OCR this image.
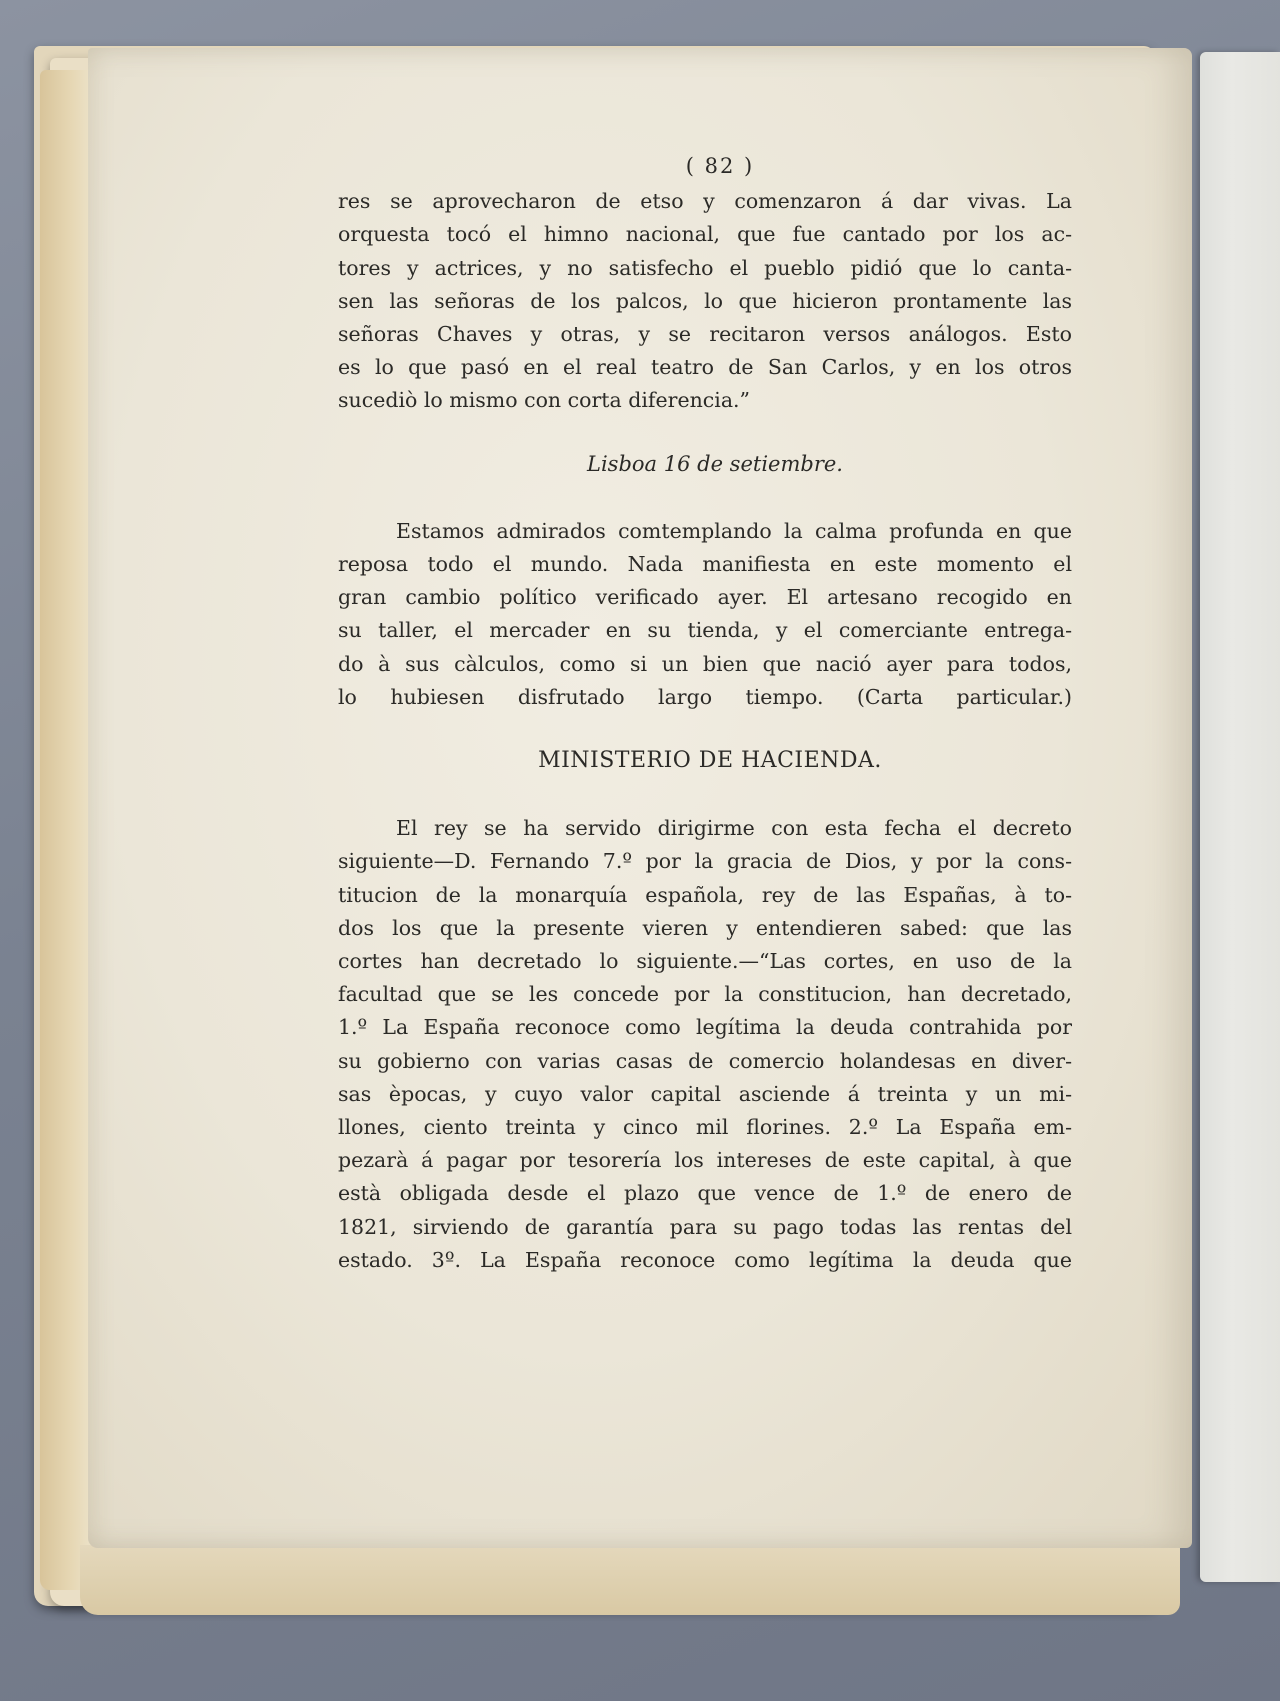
( 82 )
res se aprovecharon de etso y comenzaron á dar vivas. La
orquesta tocó el himno nacional, que fue cantado por los ac-
tores y actrices, y no satisfecho el pueblo pidió que lo canta-
sen las señoras de los palcos, lo que hicieron prontamente las
señoras Chaves y otras, y se recitaron versos análogos. Esto
es lo que pasó en el real teatro de San Carlos, y en los otros
sucediò lo mismo con corta diferencia.”
Lisboa 16 de setiembre.
Estamos admirados comtemplando la calma profunda en que
reposa todo el mundo. Nada manifiesta en este momento el
gran cambio político verificado ayer. El artesano recogido en
su taller, el mercader en su tienda, y el comerciante entrega-
do à sus càlculos, como si un bien que nació ayer para todos,
lo hubiesen disfrutado largo tiempo. (Carta particular.)
MINISTERIO DE HACIENDA.
El rey se ha servido dirigirme con esta fecha el decreto
siguiente—D. Fernando 7.º por la gracia de Dios, y por la cons-
titucion de la monarquía española, rey de las Españas, à to-
dos los que la presente vieren y entendieren sabed: que las
cortes han decretado lo siguiente.—“Las cortes, en uso de la
facultad que se les concede por la constitucion, han decretado,
1.º La España reconoce como legítima la deuda contrahida por
su gobierno con varias casas de comercio holandesas en diver-
sas èpocas, y cuyo valor capital asciende á treinta y un mi-
llones, ciento treinta y cinco mil florines. 2.º La España em-
pezarà á pagar por tesorería los intereses de este capital, à que
està obligada desde el plazo que vence de 1.º de enero de
1821, sirviendo de garantía para su pago todas las rentas del
estado. 3º. La España reconoce como legítima la deuda que
